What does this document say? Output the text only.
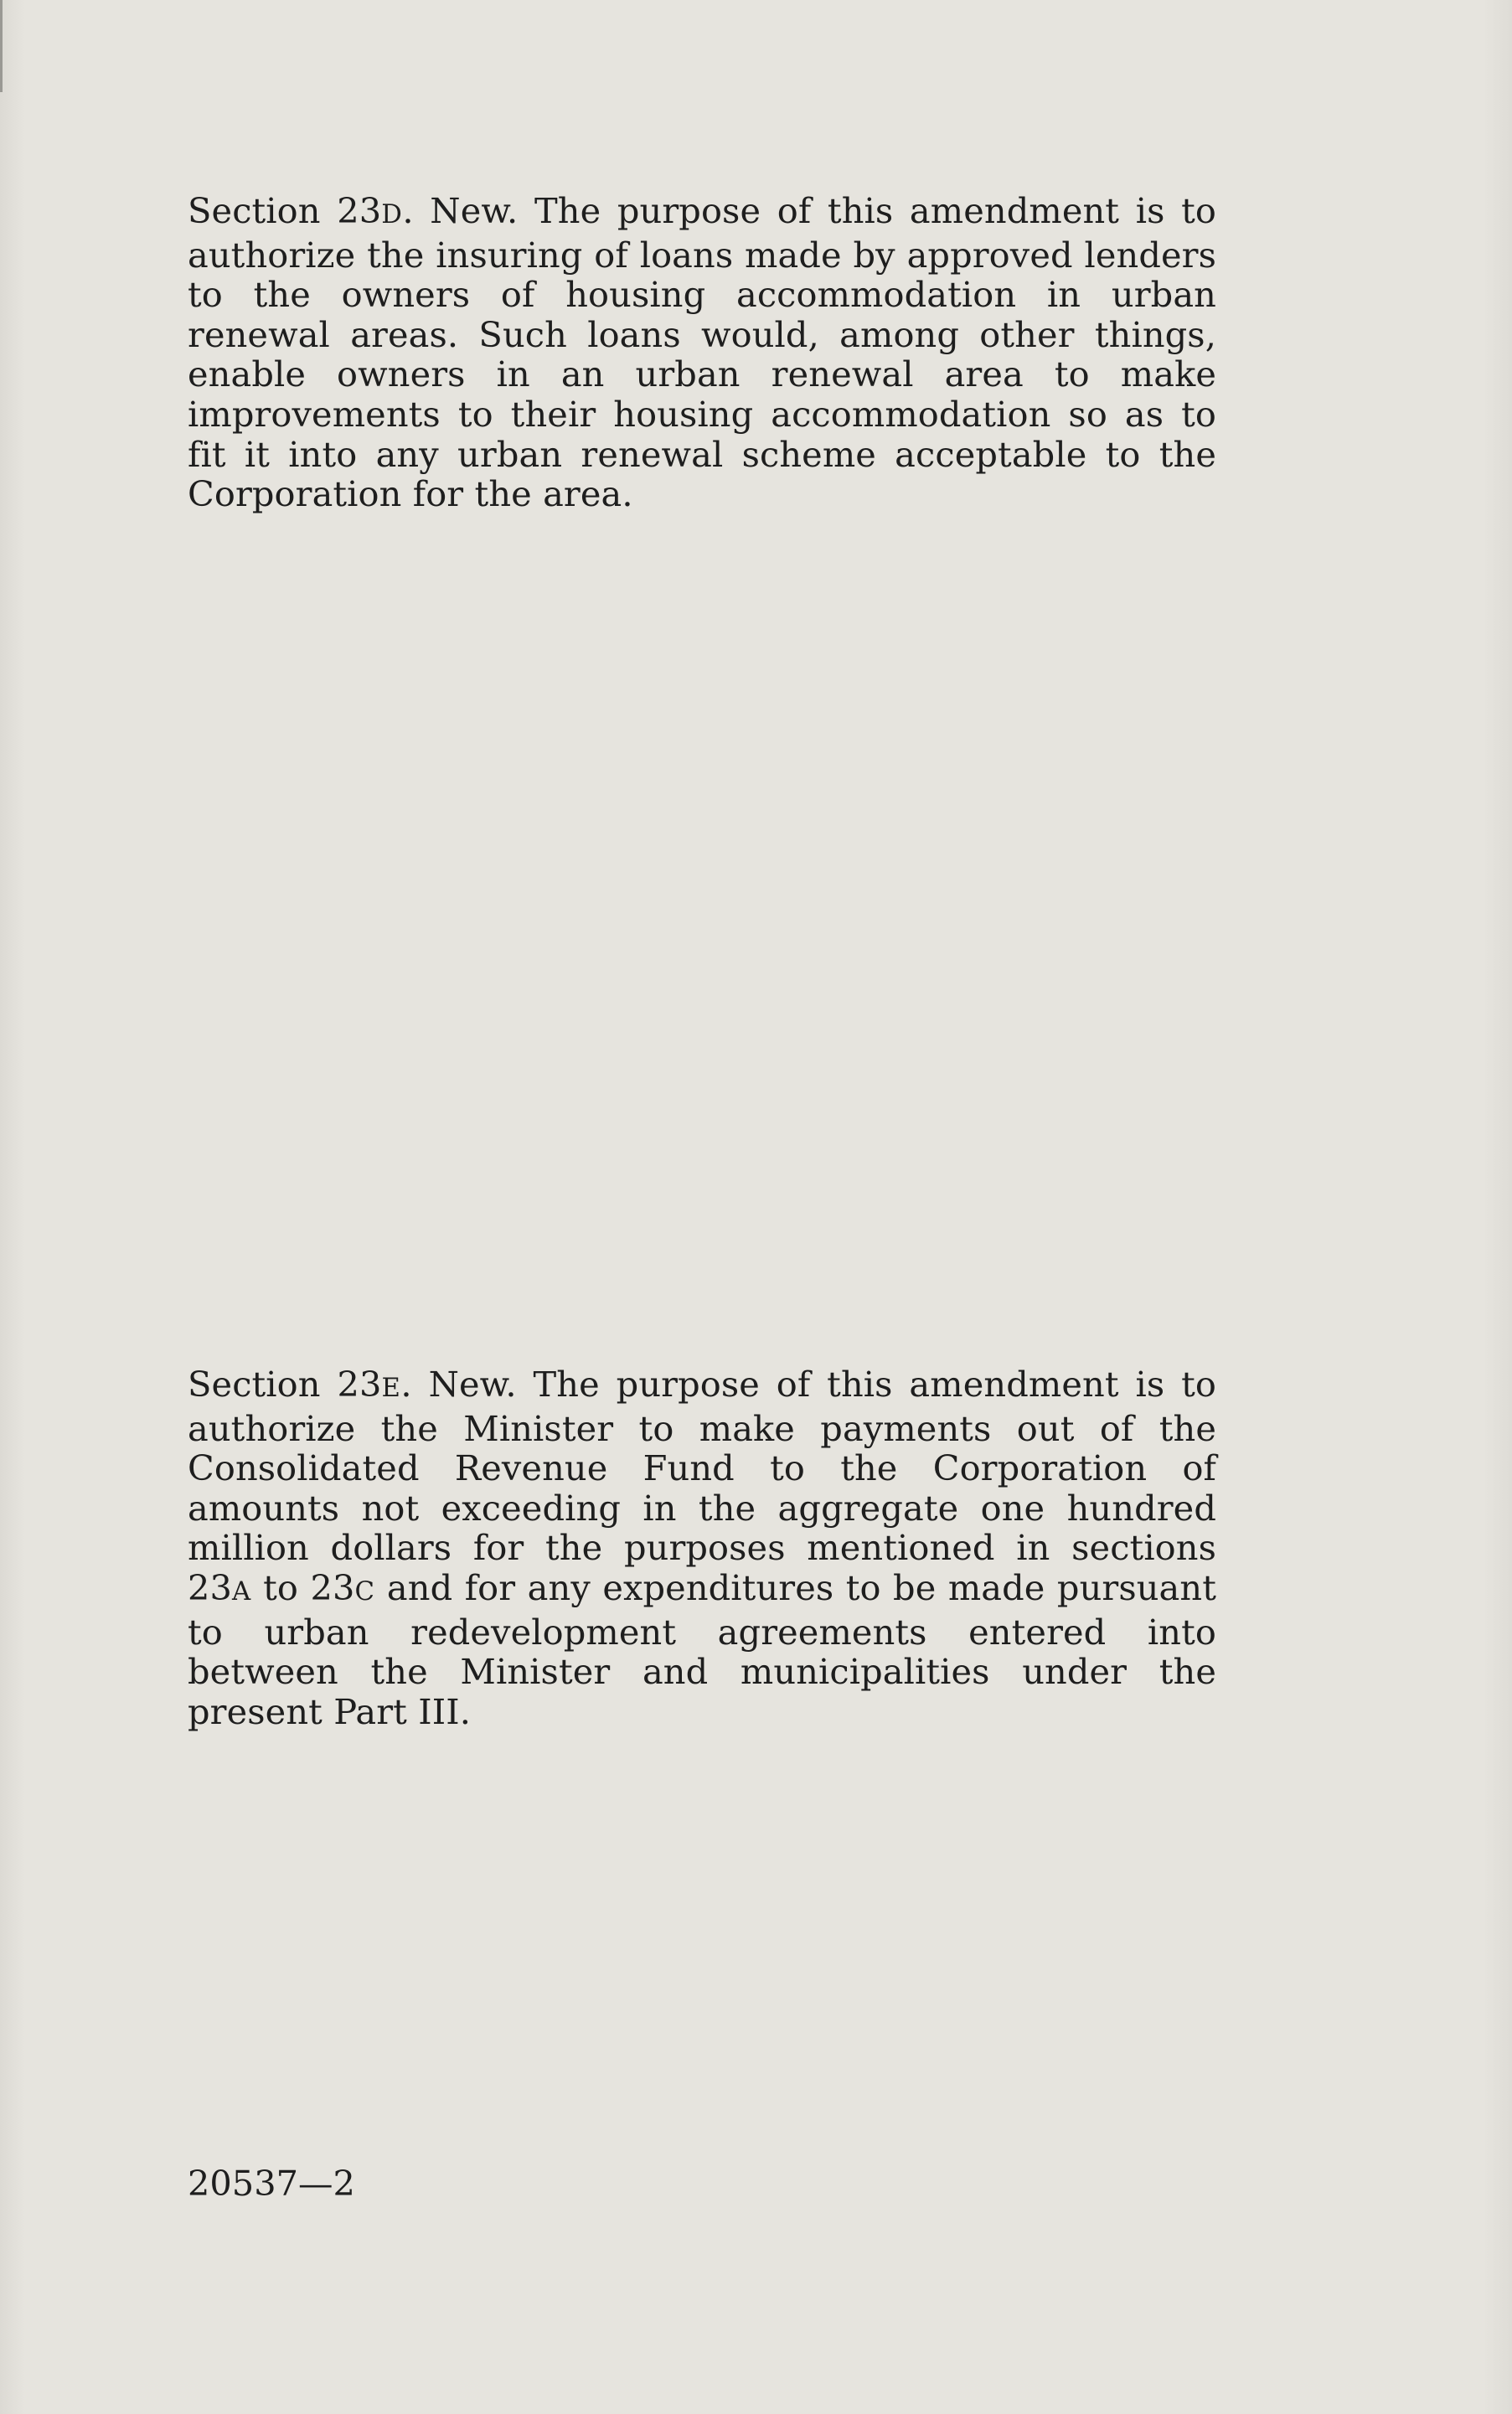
Section 23D. New. The purpose of this amendment is to authorize the insuring of loans made by approved lenders to the owners of housing accommodation in urban renewal areas. Such loans would, among other things, enable owners in an urban renewal area to make improvements to their housing accommodation so as to fit it into any urban renewal scheme acceptable to the Corporation for the area.

Section 23E. New. The purpose of this amendment is to authorize the Minister to make payments out of the Consolidated Revenue Fund to the Corporation of amounts not exceeding in the aggregate one hundred million dollars for the purposes mentioned in sections 23A to 23C and for any expenditures to be made pursuant to urban redevelopment agreements entered into between the Minister and municipalities under the present Part III.

20537—2
